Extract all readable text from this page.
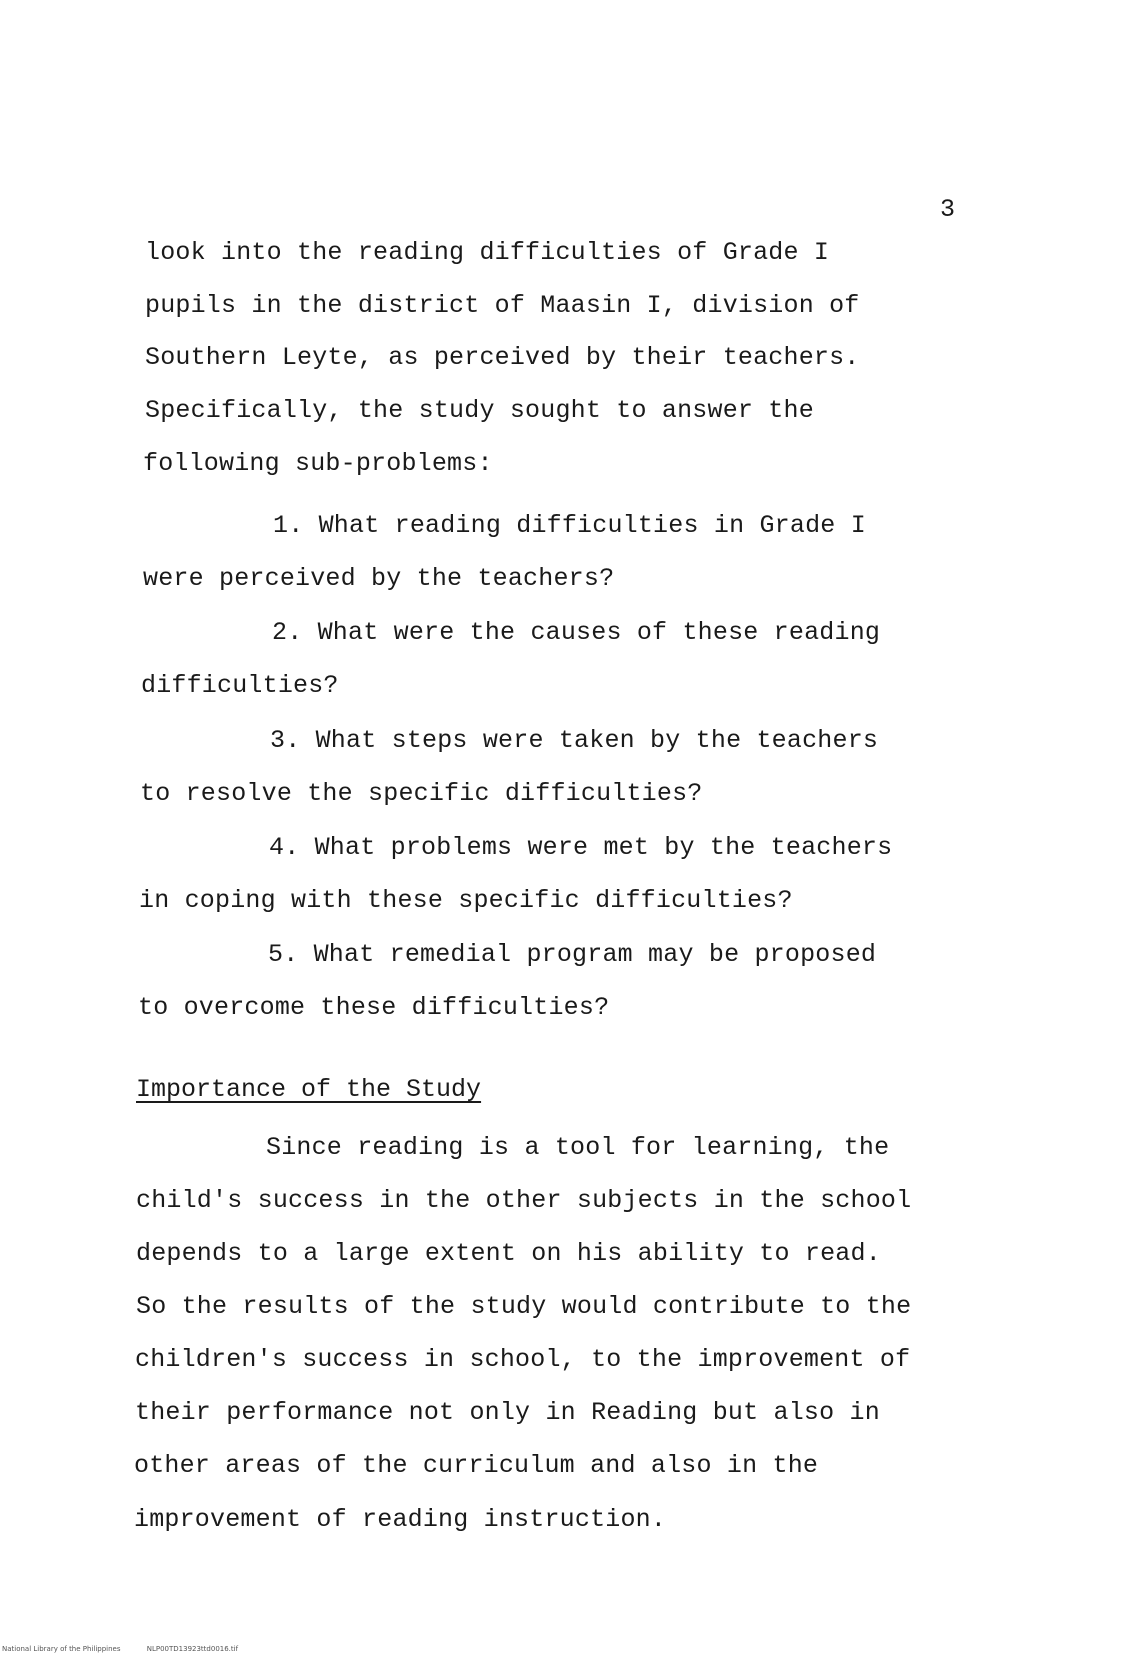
3
look into the reading difficulties of Grade I
pupils in the district of Maasin I, division of
Southern Leyte, as perceived by their teachers.
Specifically, the study sought to answer the
following sub-problems:
1. What reading difficulties in Grade I
were perceived by the teachers?
2. What were the causes of these reading
difficulties?
3. What steps were taken by the teachers
to resolve the specific difficulties?
4. What problems were met by the teachers
in coping with these specific difficulties?
5. What remedial program may be proposed
to overcome these difficulties?
Importance of the Study
Since reading is a tool for learning, the
child's success in the other subjects in the school
depends to a large extent on his ability to read.
So the results of the study would contribute to the
children's success in school, to the improvement of
their performance not only in Reading but also in
other areas of the curriculum and also in the
improvement of reading instruction.
National Library of the Philippines	NLP00TD13923ttd0016.tif
